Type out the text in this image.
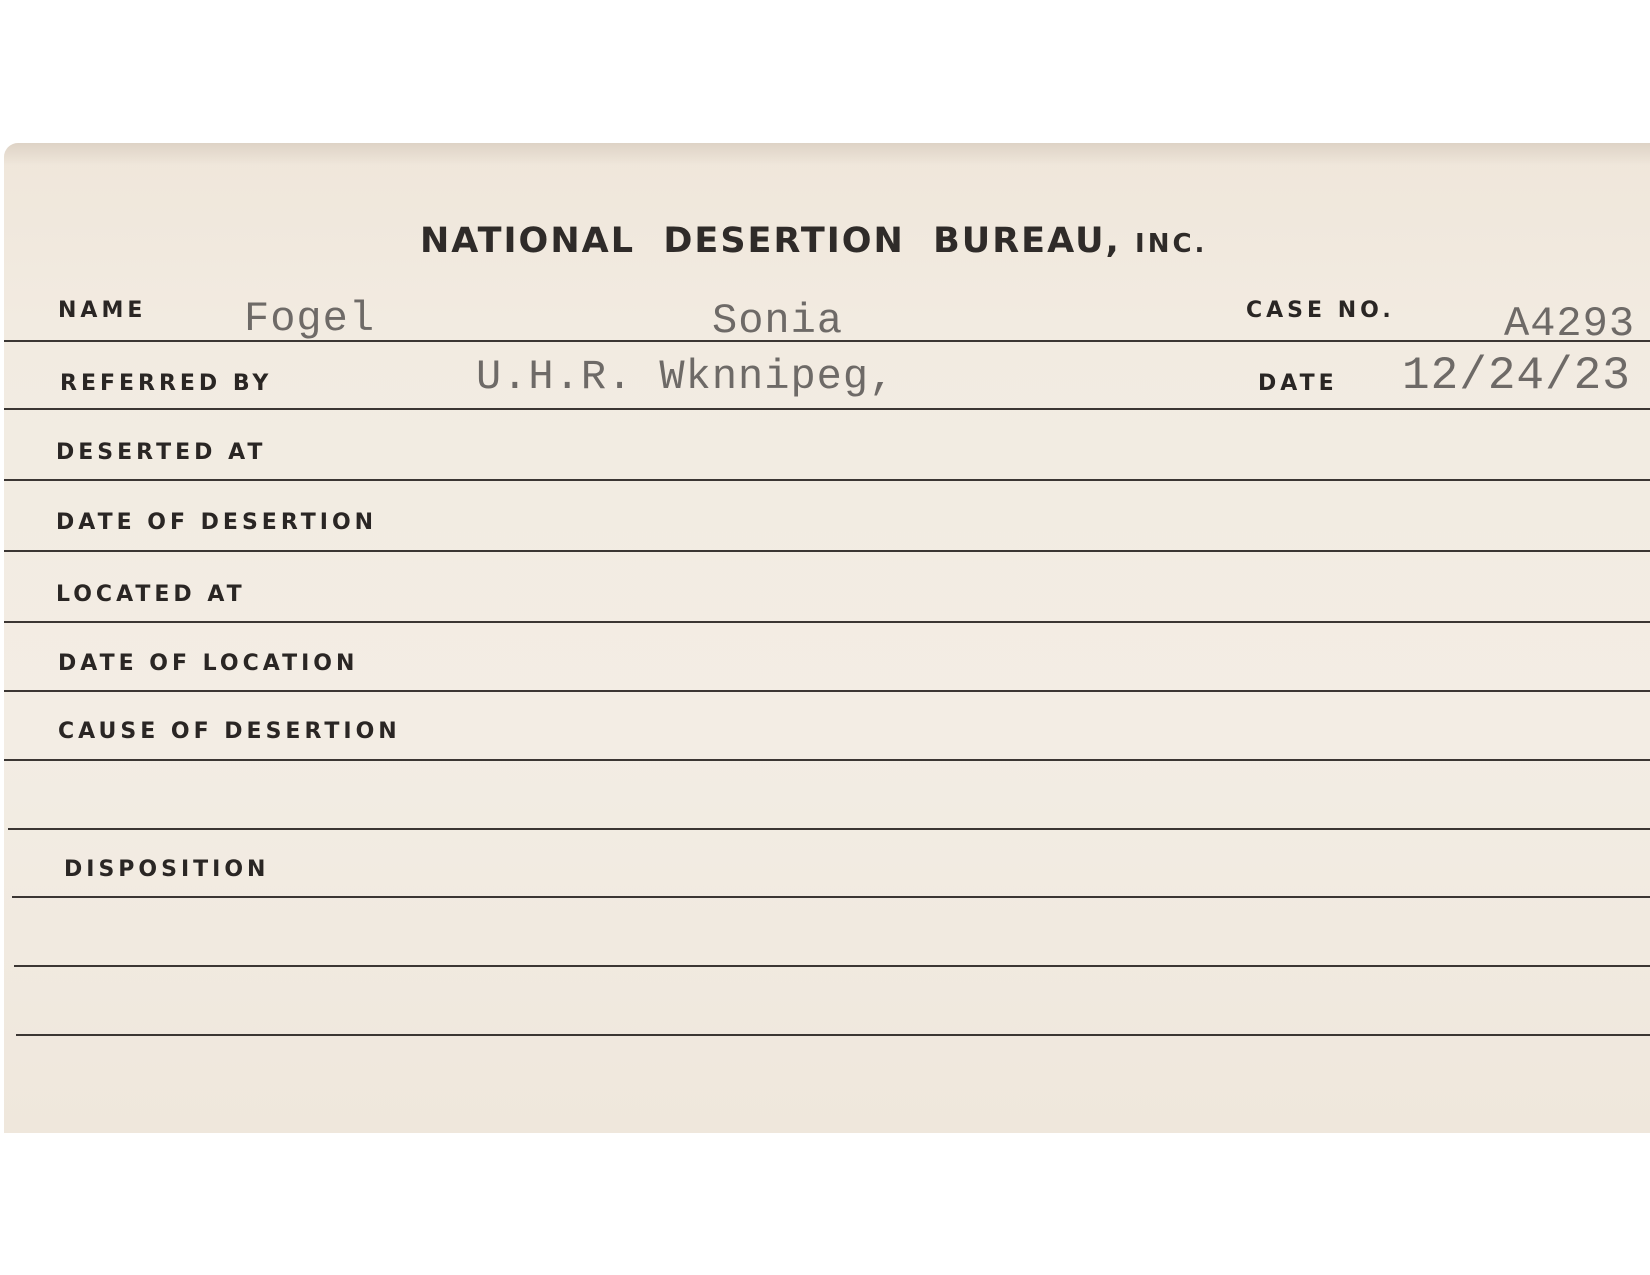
NATIONAL  DESERTION  BUREAU, INC.
NAME Fogel	Sonia	CASE NO.	A4293
REFERRED BY	U.H.R. Wknnipeg,	DATE 12/24/23
DESERTED AT
DATE OF DESERTION
LOCATED AT
DATE OF LOCATION
CAUSE OF DESERTION
DISPOSITION
